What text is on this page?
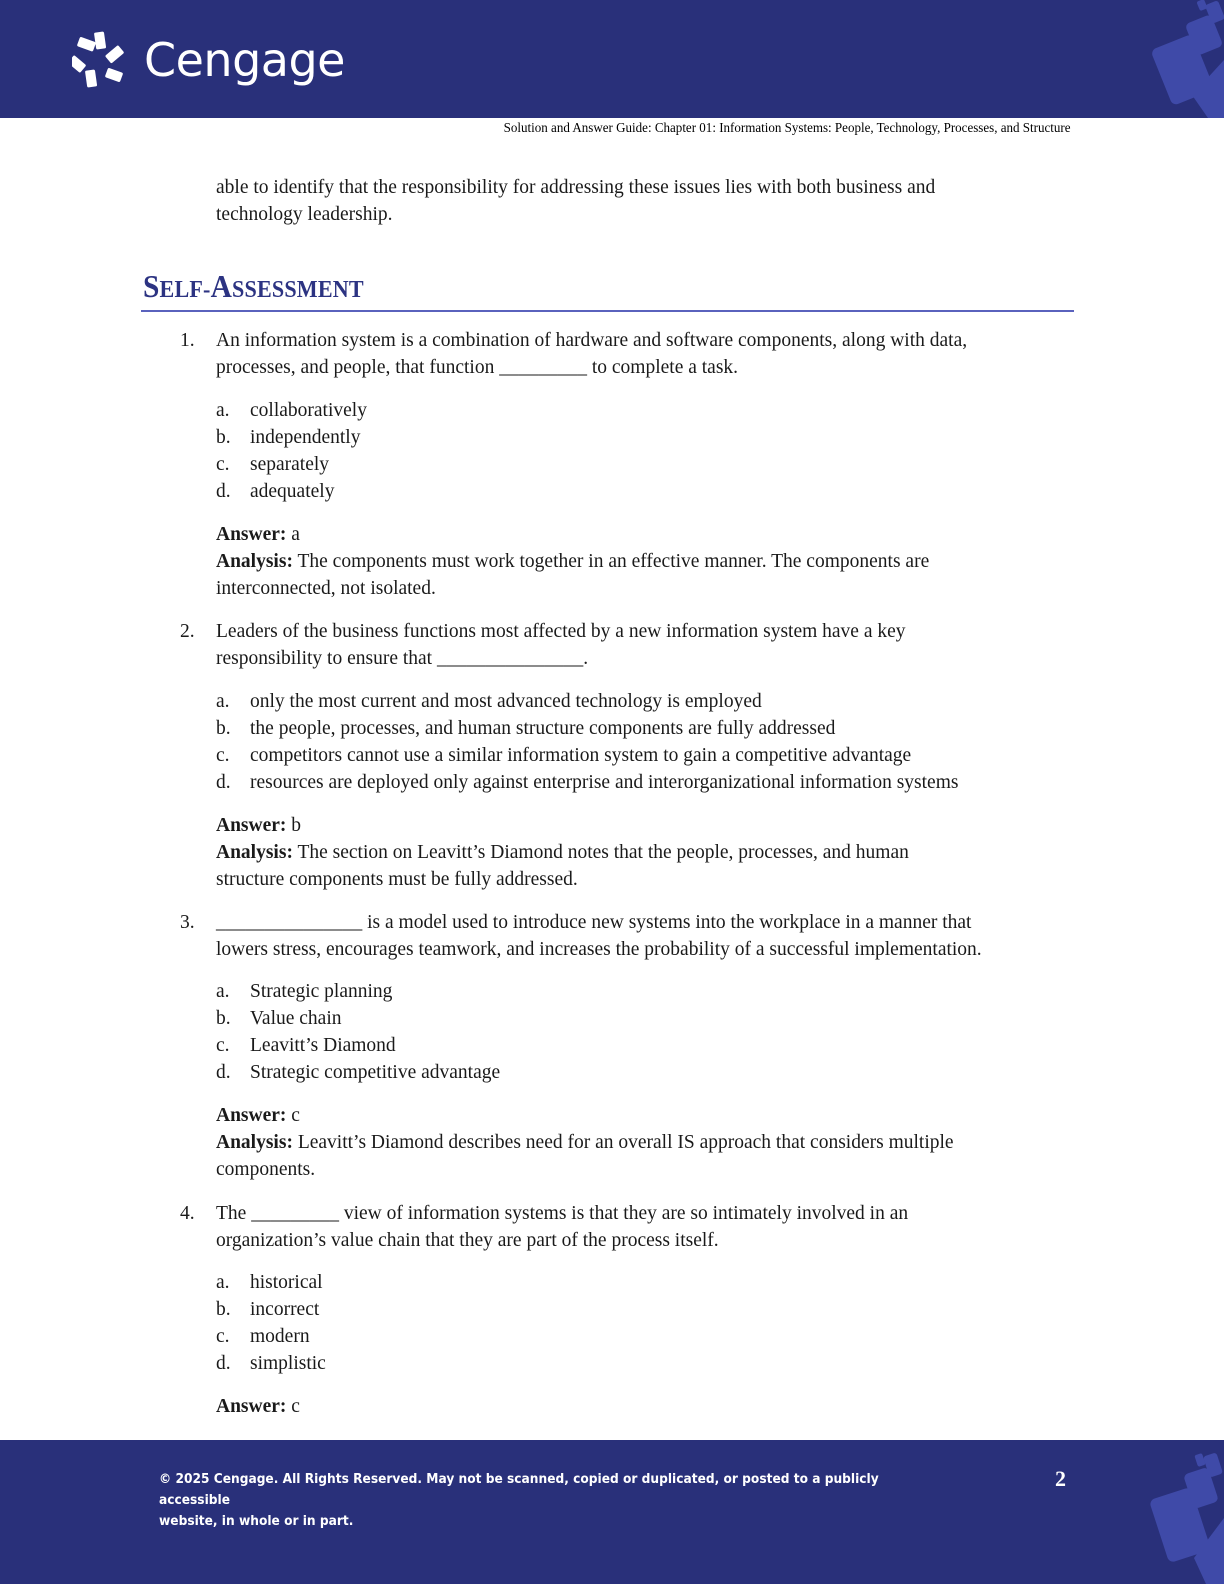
Cengage
Solution and Answer Guide: Chapter 01: Information Systems: People, Technology, Processes, and Structure
able to identify that the responsibility for addressing these issues lies with both business and
technology leadership.
SELF-ASSESSMENT
1. An information system is a combination of hardware and software components, along with data,
processes, and people, that function _________ to complete a task.
a. collaboratively
b. independently
c. separately
d. adequately
Answer: a
Analysis: The components must work together in an effective manner. The components are
interconnected, not isolated.
2. Leaders of the business functions most affected by a new information system have a key
responsibility to ensure that _______________.
a. only the most current and most advanced technology is employed
b. the people, processes, and human structure components are fully addressed
c. competitors cannot use a similar information system to gain a competitive advantage
d. resources are deployed only against enterprise and interorganizational information systems
Answer: b
Analysis: The section on Leavitt’s Diamond notes that the people, processes, and human
structure components must be fully addressed.
3. _______________ is a model used to introduce new systems into the workplace in a manner that
lowers stress, encourages teamwork, and increases the probability of a successful implementation.
a. Strategic planning
b. Value chain
c. Leavitt’s Diamond
d. Strategic competitive advantage
Answer: c
Analysis: Leavitt’s Diamond describes need for an overall IS approach that considers multiple
components.
4. The _________ view of information systems is that they are so intimately involved in an
organization’s value chain that they are part of the process itself.
a. historical
b. incorrect
c. modern
d. simplistic
Answer: c
© 2025 Cengage. All Rights Reserved. May not be scanned, copied or duplicated, or posted to a publicly accessible
website, in whole or in part.
2
